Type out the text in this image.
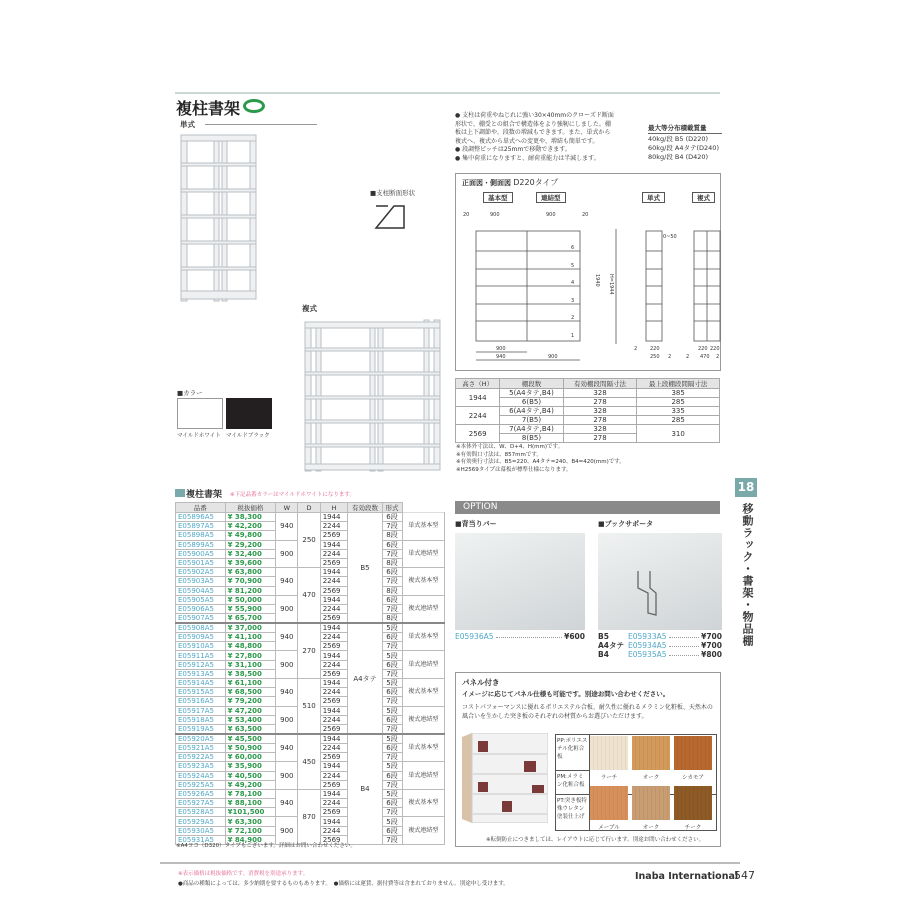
複柱書架
単式
■支柱断面形状
複式
■カラー
マイルドホワイト マイルドブラック
● 支柱は荷重やねじれに強い30×40mmのクローズド断面形状で、棚受との組合で構造体をより強靭にしました。棚板は上下調節や、段数の増減もできます。また、単式から複式へ、複式から単式への変更や、増結も簡単です。
● 段調整ピッチは25mmで移動できます。
● 集中荷重になりますと、耐荷重能力は半減します。
最大等分布積載質量
40kg/段 B5 (D220)
60kg/段 A4タテ(D240)
80kg/段 B4 (D420)
正面図・側面図 D220タイプ
基本型	連結型	単式	複式
900	900
20	20
900
940	900
220
250	470
220
2
2	2
220
2
0~50
H=1944
1940
6
5
4
3
2
1
高さ（H）	棚段数	有効棚段間隔寸法	最上段棚段間隔寸法
1944	5(A4タテ,B4)	328	385
	6(B5)	278	285
2244	6(A4タテ,B4)	328	335
	7(B5)	278	285
2569	7(A4タテ,B4)	328	310
	8(B5)	278	
※本体外寸法は、W、D+4、H(mm)です。
※有効間口寸法は、857mmです。
※有効奥行寸法は、B5=220、A4タテ=240、B4=420(mm)です。
※H2569タイプは幕板が標準仕様になります。
複柱書架 ※下記品番カラーはマイルドホワイトになります。
品番	税抜価格	W	D	H	有効段数	形式	
E05896A5	¥ 38,300	940	250	1944	B5	6段	単式基本型
E05897A5	¥ 42,200			2244		7段	
E05898A5	¥ 49,800			2569		8段	
E05899A5	¥ 29,200	900		1944		6段	単式連結型
E05900A5	¥ 32,400			2244		7段	
E05901A5	¥ 39,600			2569		8段	
E05902A5	¥ 63,800	940	470	1944		6段	複式基本型
E05903A5	¥ 70,900			2244		7段	
E05904A5	¥ 81,200			2569		8段	
E05905A5	¥ 50,000	900		1944		6段	複式連結型
E05906A5	¥ 55,900			2244		7段	
E05907A5	¥ 65,700			2569		8段	
E05908A5	¥ 37,000	940	270	1944	A4タテ	5段	単式基本型
E05909A5	¥ 41,100			2244		6段	
E05910A5	¥ 48,800			2569		7段	
E05911A5	¥ 27,800	900		1944		5段	単式連結型
E05912A5	¥ 31,100			2244		6段	
E05913A5	¥ 38,500			2569		7段	
E05914A5	¥ 61,100	940	510	1944		5段	複式基本型
E05915A5	¥ 68,500			2244		6段	
E05916A5	¥ 79,200			2569		7段	
E05917A5	¥ 47,200	900		1944		5段	複式連結型
E05918A5	¥ 53,400			2244		6段	
E05919A5	¥ 63,500			2569		7段	
E05920A5	¥ 45,500	940	450	1944	B4	5段	単式基本型
E05921A5	¥ 50,900			2244		6段	
E05922A5	¥ 60,000			2569		7段	
E05923A5	¥ 35,900	900		1944		5段	単式連結型
E05924A5	¥ 40,500			2244		6段	
E05925A5	¥ 49,200			2569		7段	
E05926A5	¥ 78,100	940	870	1944		5段	複式基本型
E05927A5	¥ 88,100			2244		6段	
E05928A5	¥101,500			2569		7段	
E05929A5	¥ 63,300	900		1944		5段	複式連結型
E05930A5	¥ 72,100			2244		6段	
E05931A5	¥ 84,900			2569		7段	
※A4ヨコ（D320）タイプもございます。詳細はお問い合わせください。
18
移動ラック・書架・物品棚
OPTION
■背当りバー
E05936A5	¥600
■ブックサポータ
B5	E05933A5	¥700
A4タテ E05934A5	¥700
B4	E05935A5	¥800
パネル付き
イメージに応じてパネル仕様も可能です。別途お問い合わせください。
コストパフォーマンスに優れるポリエステル合板、耐久性に優れるメラミン化粧板、天然木の風合いを生かした突き板のそれぞれの材質からお選びいただけます。
PP:ポリエステル化粧合板	
PM:メラミン化粧合板	
PT:突き板特殊ウレタン塗装仕上げ	
※転倒防止につきましては、レイアウトに応じて行います。別途お問い合わせください。
ラーチ	オーク	シカモア
メープル	オーク	チーク
※表示価格は税抜価格です。消費税を別途承ります。
●商品の種類によっては、多少納期を要するものもあります。　●価格には運賃、据付費等は含まれておりません。別途申し受けます。
Inaba International
547
